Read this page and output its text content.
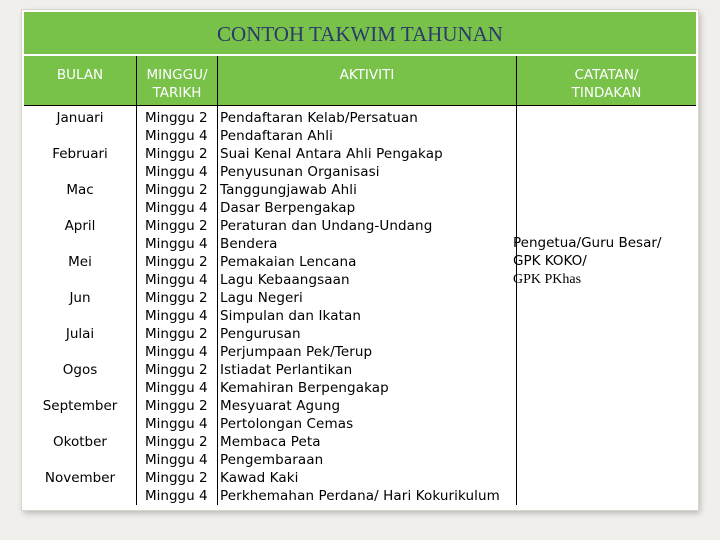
CONTOH TAKWIM TAHUNAN
BULAN	MINGGU/
TARIKH
AKTIVITI	CATATAN/
TINDAKAN
Januari
Februari
Mac
April
Mei
Jun
Julai
Ogos
September
Okotber
November
Minggu 2
Minggu 4
Minggu 2
Minggu 4
Minggu 2
Minggu 4
Minggu 2
Minggu 4
Minggu 2
Minggu 4
Minggu 2
Minggu 4
Minggu 2
Minggu 4
Minggu 2
Minggu 4
Minggu 2
Minggu 4
Minggu 2
Minggu 4
Minggu 2
Minggu 4
Pendaftaran Kelab/Persatuan
Pendaftaran Ahli
Suai Kenal Antara Ahli Pengakap
Penyusunan Organisasi
Tanggungjawab Ahli
Dasar Berpengakap
Peraturan dan Undang-Undang
Bendera
Pemakaian Lencana
Lagu Kebaangsaan
Lagu Negeri
Simpulan dan Ikatan
Pengurusan
Perjumpaan Pek/Terup
Istiadat Perlantikan
Kemahiran Berpengakap
Mesyuarat Agung
Pertolongan Cemas
Membaca Peta
Pengembaraan
Kawad Kaki
Perkhemahan Perdana/ Hari Kokurikulum
Pengetua/Guru Besar/
GPK KOKO/
GPK PKhas
